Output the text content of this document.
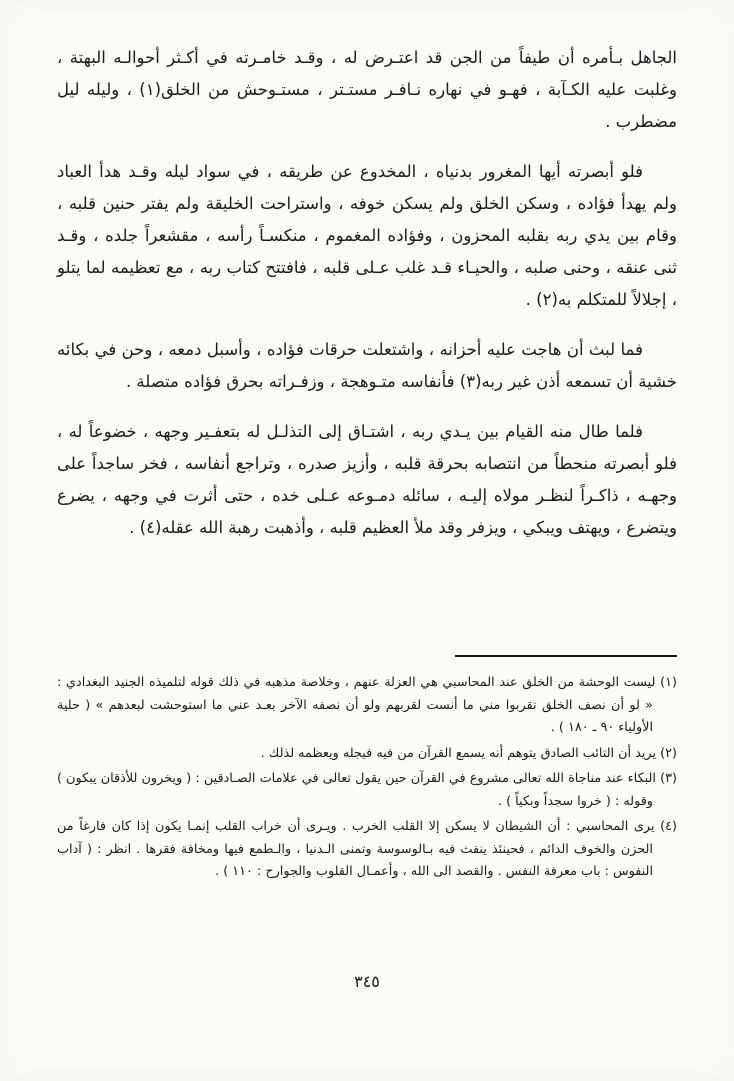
الجاهل بـأمره أن طيفاً من الجن قد اعتـرض له ، وقـد خامـرته في أكـثر أحوالـه البهتة ، وغلبت عليه الكـآبة ، فهـو في نهاره نـافـر مستـتر ، مستـوحش من الخلق(١) ، وليله ليل مضطرب .

فلو أبصرته أيها المغرور بدنياه ، المخدوع عن طريقه ، في سواد ليله وقـد هدأ العباد ولم يهدأ فؤاده ، وسكن الخلق ولم يسكن خوفه ، واستراحت الخليقة ولم يفتر حنين قلبه ، وقام بين يدي ربه بقلبه المحزون ، وفؤاده المغموم ، منكسـاً رأسه ، مقشعراً جلده ، وقـد ثنى عنقه ، وحنى صلبه ، والحيـاء قـد غلب عـلى قلبه ، فافتتح كتاب ربه ، مع تعظيمه لما يتلو ، إجلالاً للمتكلم به(٢) .

فما لبث أن هاجت عليه أحزانه ، واشتعلت حرقات فؤاده ، وأسبل دمعه ، وحن في بكائه خشية أن تسمعه أذن غير ربه(٣) فأنفاسه متـوهجة ، وزفـراته بحرق فؤاده متصلة .

فلما طال منه القيام بين يـدي ربه ، اشتـاق إلى التذلـل له بتعفـير وجهه ، خضوعاً له ، فلو أبصرته منحطاً من انتصابه بحرقة قلبه ، وأزيز صدره ، وتراجع أنفاسه ، فخر ساجداً على وجهـه ، ذاكـراً لنظـر مولاه إليـه ، سائله دمـوعه عـلى خده ، حتى أثرت في وجهه ، يضرع ويتضرع ، ويهتف ويبكي ، ويزفر وقد ملأ العظيم قلبه ، وأذهبت رهبة الله عقله(٤) .

(١) ليست الوحشة من الخلق عند المحاسبي هي العزلة عنهم ، وخلاصة مذهبه في ذلك قوله لتلميذه الجنيد البغدادي : « لو أن نصف الخلق تقربوا مني ما أنست لقربهم ولو أن نصفه الآخر بعـد عني ما استوحشت لبعدهم » ( حلية الأولياء ٩٠ ـ ١٨٠ ) .

(٢) يريد أن التائب الصادق يتوهم أنه يسمع القرآن من فيه فيجله ويعظمه لذلك .

(٣) البكاء عند مناجاة الله تعالى مشروع في القرآن حين يقول تعالى في علامات الصـادقين : ( ويخرون للأذقان يبكون ) وقوله : ( خروا سجداً وبكياً ) .

(٤) يرى المحاسبي : أن الشيطان لا يسكن إلا القلب الخرب . ويـرى أن خراب القلب إنمـا يكون إذا كان فارغاً من الحزن والخوف الدائم ، فحينئذ ينفث فيه بـالوسوسة وتمنى الـدنيا ، والـطمع فيها ومخافة فقرها . انظر : ( آداب النفوس : باب معرفة النفس . والقصد الى الله ، وأعمـال القلوب والجوارح : ١١٠ ) .

٣٤٥
